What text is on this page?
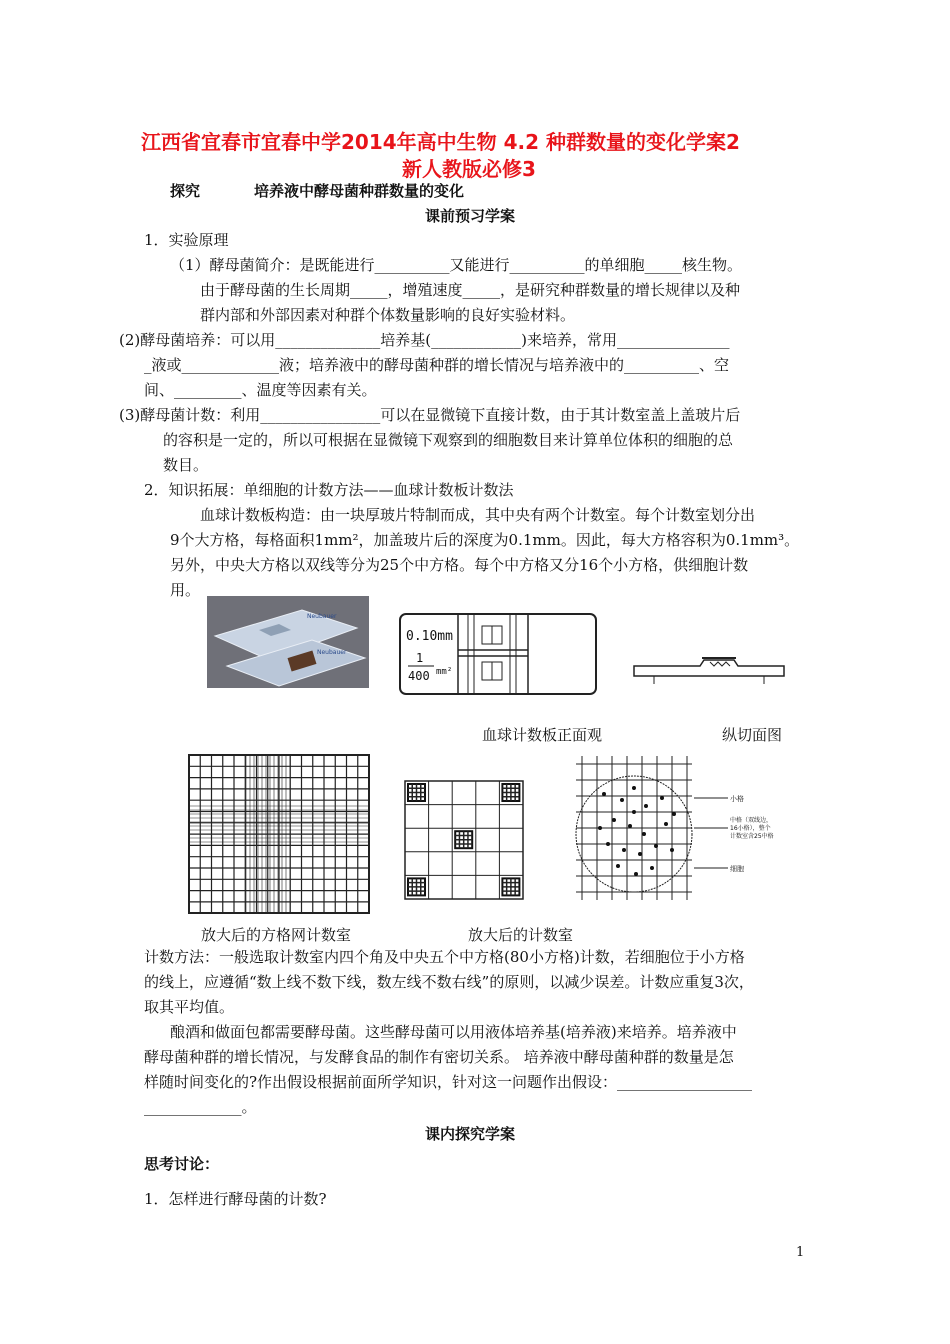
江西省宜春市宜春中学2014年高中生物 4.2 种群数量的变化学案2
新人教版必修3
探究	培养液中酵母菌种群数量的变化
课前预习学案
1．实验原理
（1）酵母菌简介：是既能进行__________又能进行__________的单细胞_____核生物。
由于酵母菌的生长周期_____，增殖速度_____，是研究种群数量的增长规律以及种
群内部和外部因素对种群个体数量影响的良好实验材料。
(2)酵母菌培养：可以用______________培养基(____________)来培养，常用_______________
_液或_____________液；培养液中的酵母菌种群的增长情况与培养液中的__________、空
间、_________、温度等因素有关。
(3)酵母菌计数：利用________________可以在显微镜下直接计数，由于其计数室盖上盖玻片后
的容积是一定的，所以可根据在显微镜下观察到的细胞数目来计算单位体积的细胞的总
数目。
2．知识拓展：单细胞的计数方法——血球计数板计数法
血球计数板构造：由一块厚玻片特制而成，其中央有两个计数室。每个计数室划分出
9个大方格，每格面积1mm²，加盖玻片后的深度为0.1mm。因此，每大方格容积为0.1mm³。
另外，中央大方格以双线等分为25个中方格。每个中方格又分16个小方格，供细胞计数
用。
Neubauer
Neubauer
0.10mm
1
400 mm²
血球计数板正面观	纵切面图
小格
中格（双线边，
16小格），整个
计数室含25中格
细胞
放大后的方格网计数室	放大后的计数室
计数方法：一般选取计数室内四个角及中央五个中方格(80小方格)计数，若细胞位于小方格
的线上，应遵循“数上线不数下线，数左线不数右线”的原则，以减少误差。计数应重复3次，
取其平均值。
酿酒和做面包都需要酵母菌。这些酵母菌可以用液体培养基(培养液)来培养。培养液中
酵母菌种群的增长情况，与发酵食品的制作有密切关系。 培养液中酵母菌种群的数量是怎
样随时间变化的?作出假设根据前面所学知识，针对这一问题作出假设：__________________
_____________。
课内探究学案
思考讨论：
1．怎样进行酵母菌的计数?
1
